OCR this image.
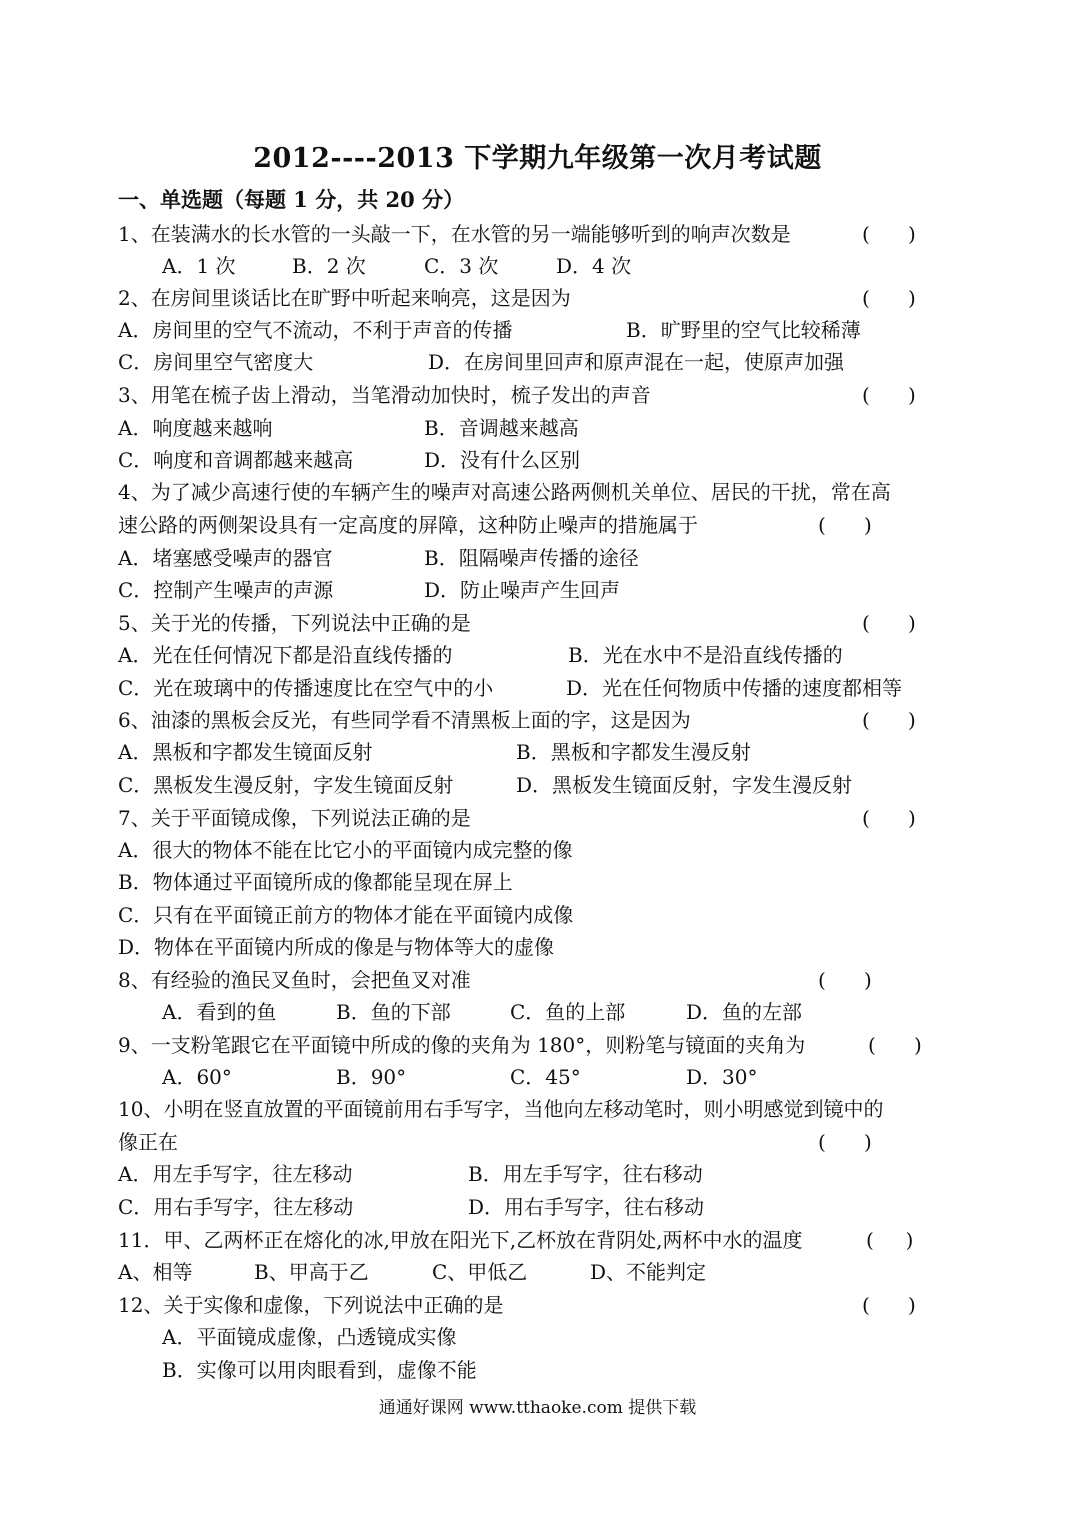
2012----2013 下学期九年级第一次月考试题
一、单选题（每题 1 分，共 20 分）
1、在装满水的长水管的一头敲一下，在水管的另一端能够听到的响声次数是	(      )
A．1 次	B．2 次	C．3 次	D．4 次
2、在房间里谈话比在旷野中听起来响亮，这是因为	(      )
A．房间里的空气不流动，不利于声音的传播	B．旷野里的空气比较稀薄
C．房间里空气密度大	D．在房间里回声和原声混在一起，使原声加强
3、用笔在梳子齿上滑动，当笔滑动加快时，梳子发出的声音	(      )
A．响度越来越响	B．音调越来越高
C．响度和音调都越来越高	D．没有什么区别
4、为了减少高速行使的车辆产生的噪声对高速公路两侧机关单位、居民的干扰，常在高
速公路的两侧架设具有一定高度的屏障，这种防止噪声的措施属于	(      )
A．堵塞感受噪声的器官	B．阻隔噪声传播的途径
C．控制产生噪声的声源	D．防止噪声产生回声
5、关于光的传播，下列说法中正确的是	(      )
A．光在任何情况下都是沿直线传播的	B．光在水中不是沿直线传播的
C．光在玻璃中的传播速度比在空气中的小	D．光在任何物质中传播的速度都相等
6、油漆的黑板会反光，有些同学看不清黑板上面的字，这是因为	(      )
A．黑板和字都发生镜面反射	B．黑板和字都发生漫反射
C．黑板发生漫反射，字发生镜面反射	D．黑板发生镜面反射，字发生漫反射
7、关于平面镜成像，下列说法正确的是	(      )
A．很大的物体不能在比它小的平面镜内成完整的像
B．物体通过平面镜所成的像都能呈现在屏上
C．只有在平面镜正前方的物体才能在平面镜内成像
D．物体在平面镜内所成的像是与物体等大的虚像
8、有经验的渔民叉鱼时，会把鱼叉对准	(      )
A．看到的鱼	B．鱼的下部	C．鱼的上部	D．鱼的左部
9、一支粉笔跟它在平面镜中所成的像的夹角为 180°，则粉笔与镜面的夹角为	(      )
A．60°	B．90°	C．45°	D．30°
10、小明在竖直放置的平面镜前用右手写字，当他向左移动笔时，则小明感觉到镜中的
像正在	(      )
A．用左手写字，往左移动	B．用左手写字，往右移动
C．用右手写字，往左移动	D．用右手写字，往右移动
11．甲、乙两杯正在熔化的冰,甲放在阳光下,乙杯放在背阴处,两杯中水的温度	(     )
A、相等	B、甲高于乙	C、甲低乙	D、不能判定
12、关于实像和虚像，下列说法中正确的是	(      )
A．平面镜成虚像，凸透镜成实像
B．实像可以用肉眼看到，虚像不能
通通好课网 www.tthaoke.com 提供下载
